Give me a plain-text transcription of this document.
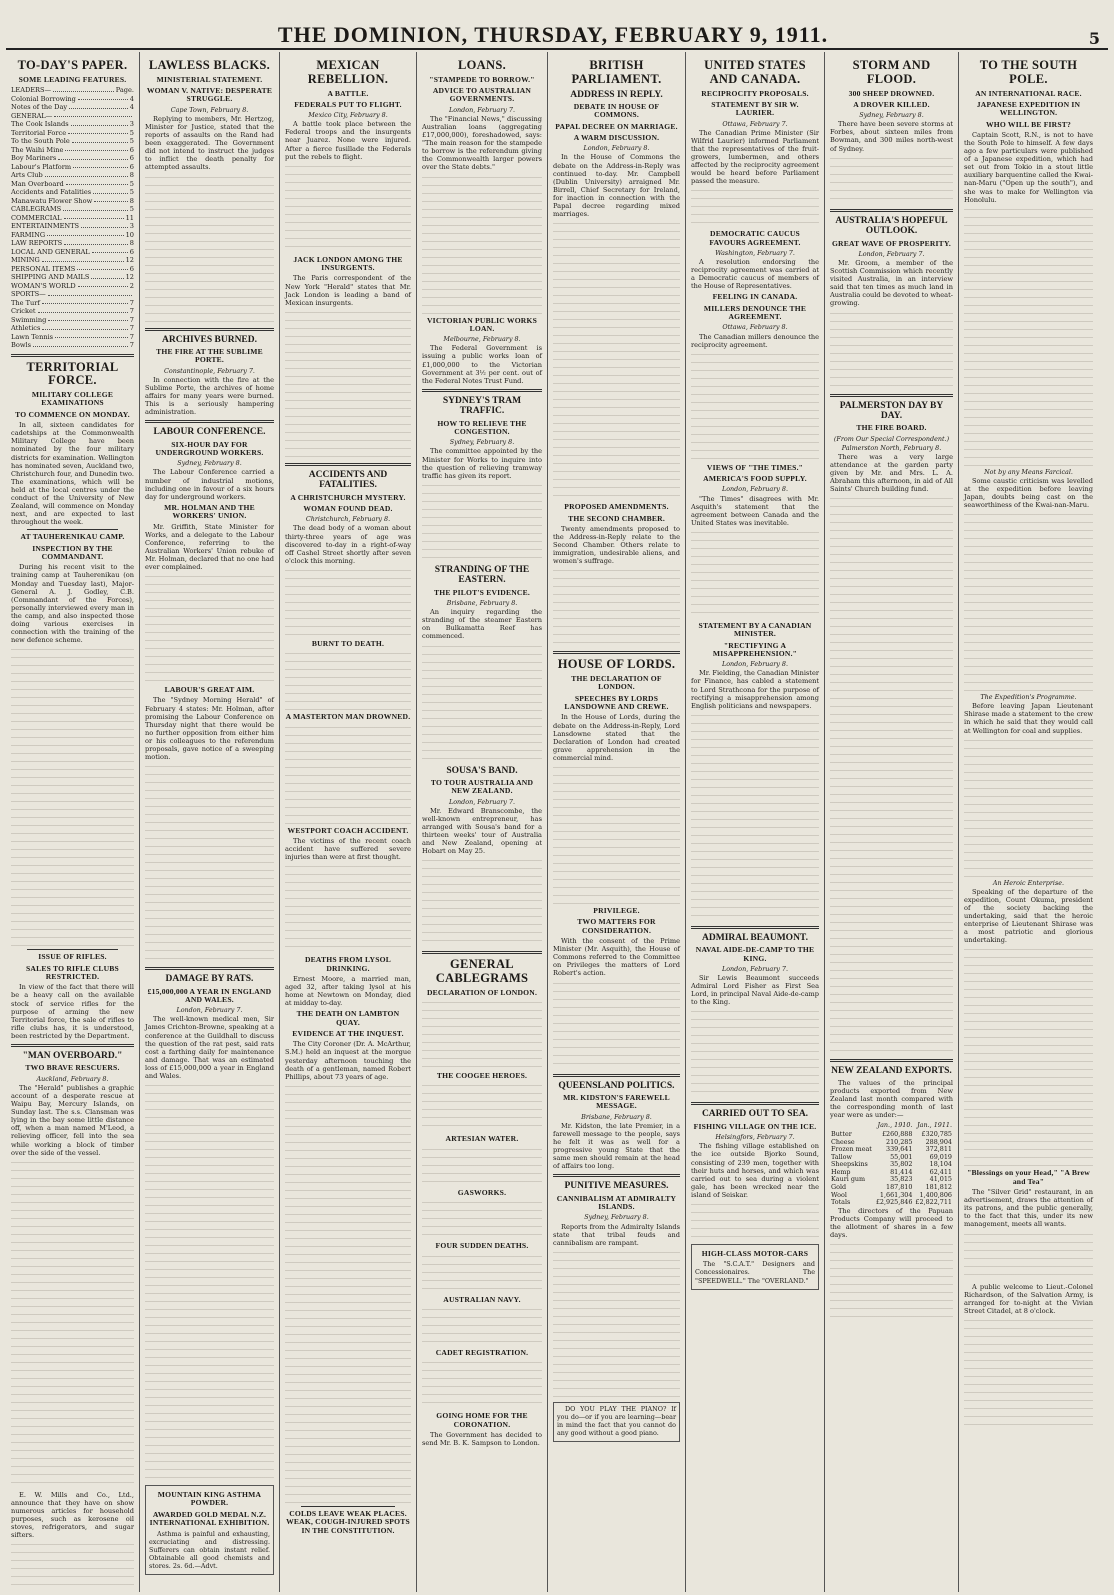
THE DOMINION, THURSDAY, FEBRUARY 9, 1911.	5
TO-DAY'S PAPER.
SOME LEADING FEATURES.
LEADERS—	Page.
Colonial Borrowing	4
Notes of the Day	4
GENERAL—
The Cook Islands	3
Territorial Force	5
To the South Pole	5
The Waihi Mine	6
Boy Mariners	6
Labour's Platform	6
Arts Club	8
Man Overboard	5
Accidents and Fatalities	5
Manawatu Flower Show	8
CABLEGRAMS	5
COMMERCIAL	11
ENTERTAINMENTS	3
FARMING	10
LAW REPORTS	8
LOCAL AND GENERAL	6
MINING	12
PERSONAL ITEMS	6
SHIPPING AND MAILS	12
WOMAN'S WORLD	2
SPORTS—
The Turf	7
Cricket	7
Swimming	7
Athletics	7
Lawn Tennis	7
Bowls	7
TERRITORIAL FORCE.
MILITARY COLLEGE EXAMINATIONS
TO COMMENCE ON MONDAY.

In all, sixteen candidates for cadetships at the Commonwealth Military College have been nominated by the four military districts for examination. Wellington has nominated seven, Auckland two, Christchurch four, and Dunedin two. The examinations, which will be held at the local centres under the conduct of the University of New Zealand, will commence on Monday next, and are expected to last throughout the week.

AT TAUHERENIKAU CAMP.
INSPECTION BY THE COMMANDANT.

During his recent visit to the training camp at Tauherenikau (on Monday and Tuesday last), Major-General A. J. Godley, C.B. (Commandant of the Forces), personally interviewed every man in the camp, and also inspected those doing various exercises in connection with the training of the new defence scheme.

ISSUE OF RIFLES.
SALES TO RIFLE CLUBS RESTRICTED.

In view of the fact that there will be a heavy call on the available stock of service rifles for the purpose of arming the new Territorial force, the sale of rifles to rifle clubs has, it is understood, been restricted by the Department.

"MAN OVERBOARD."
TWO BRAVE RESCUERS.
Auckland, February 8.

The "Herald" publishes a graphic account of a desperate rescue at Waipu Bay, Mercury Islands, on Sunday last. The s.s. Clansman was lying in the bay some little distance off, when a man named M'Leod, a relieving officer, fell into the sea while working a block of timber over the side of the vessel.

E. W. Mills and Co., Ltd., announce that they have on show numerous articles for household purposes, such as kerosene oil stoves, refrigerators, and sugar sifters.

LAWLESS BLACKS.
MINISTERIAL STATEMENT.
WOMAN V. NATIVE: DESPERATE STRUGGLE.
Cape Town, February 8.

Replying to members, Mr. Hertzog, Minister for Justice, stated that the reports of assaults on the Rand had been exaggerated. The Government did not intend to instruct the judges to inflict the death penalty for attempted assaults.

ARCHIVES BURNED.
THE FIRE AT THE SUBLIME PORTE.
Constantinople, February 7.

In connection with the fire at the Sublime Porte, the archives of home affairs for many years were burned. This is a seriously hampering administration.

LABOUR CONFERENCE.
SIX-HOUR DAY FOR UNDERGROUND WORKERS.
Sydney, February 8.

The Labour Conference carried a number of industrial motions, including one in favour of a six hours day for underground workers.

MR. HOLMAN AND THE WORKERS' UNION.

Mr. Griffith, State Minister for Works, and a delegate to the Labour Conference, referring to the Australian Workers' Union rebuke of Mr. Holman, declared that no one had ever complained.

LABOUR'S GREAT AIM.

The "Sydney Morning Herald" of February 4 states: Mr. Holman, after promising the Labour Conference on Thursday night that there would be no further opposition from either him or his colleagues to the referendum proposals, gave notice of a sweeping motion.

DAMAGE BY RATS.
£15,000,000 A YEAR IN ENGLAND AND WALES.
London, February 7.

The well-known medical men, Sir James Crichton-Browne, speaking at a conference at the Guildhall to discuss the question of the rat pest, said rats cost a farthing daily for maintenance and damage. That was an estimated loss of £15,000,000 a year in England and Wales.

MOUNTAIN KING ASTHMA POWDER.
AWARDED GOLD MEDAL N.Z. INTERNATIONAL EXHIBITION.

Asthma is painful and exhausting, excruciating and distressing. Sufferers can obtain instant relief. Obtainable all good chemists and stores. 2s. 6d.—Advt.

MEXICAN REBELLION.
A BATTLE.
FEDERALS PUT TO FLIGHT.
Mexico City, February 8.

A battle took place between the Federal troops and the insurgents near Juarez. None were injured. After a fierce fusillade the Federals put the rebels to flight.

JACK LONDON AMONG THE INSURGENTS.

The Paris correspondent of the New York "Herald" states that Mr. Jack London is leading a band of Mexican insurgents.

ACCIDENTS AND FATALITIES.
A CHRISTCHURCH MYSTERY.
WOMAN FOUND DEAD.
Christchurch, February 8.

The dead body of a woman about thirty-three years of age was discovered to-day in a right-of-way off Cashel Street shortly after seven o'clock this morning.

BURNT TO DEATH.
A MASTERTON MAN DROWNED.
WESTPORT COACH ACCIDENT.

The victims of the recent coach accident have suffered severe injuries than were at first thought.

DEATHS FROM LYSOL DRINKING.

Ernest Moore, a married man, aged 32, after taking lysol at his home at Newtown on Monday, died at midday to-day.

THE DEATH ON LAMBTON QUAY.
EVIDENCE AT THE INQUEST.

The City Coroner (Dr. A. McArthur, S.M.) held an inquest at the morgue yesterday afternoon touching the death of a gentleman, named Robert Phillips, about 73 years of age.

COLDS LEAVE WEAK PLACES. WEAK, COUGH-INJURED SPOTS IN THE CONSTITUTION.
LOANS.
"STAMPEDE TO BORROW."
ADVICE TO AUSTRALIAN GOVERNMENTS.
London, February 7.

The "Financial News," discussing Australian loans (aggregating £17,000,000), foreshadowed, says: "The main reason for the stampede to borrow is the referendum giving the Commonwealth larger powers over the State debts."

VICTORIAN PUBLIC WORKS LOAN.
Melbourne, February 8.

The Federal Government is issuing a public works loan of £1,000,000 to the Victorian Government at 3½ per cent. out of the Federal Notes Trust Fund.

SYDNEY'S TRAM TRAFFIC.
HOW TO RELIEVE THE CONGESTION.
Sydney, February 8.

The committee appointed by the Minister for Works to inquire into the question of relieving tramway traffic has given its report.

STRANDING OF THE EASTERN.
THE PILOT'S EVIDENCE.
Brisbane, February 8.

An inquiry regarding the stranding of the steamer Eastern on Bulkamatta Reef has commenced.

SOUSA'S BAND.
TO TOUR AUSTRALIA AND NEW ZEALAND.
London, February 7.

Mr. Edward Branscombe, the well-known entrepreneur, has arranged with Sousa's band for a thirteen weeks' tour of Australia and New Zealand, opening at Hobart on May 25.

GENERAL CABLEGRAMS
DECLARATION OF LONDON.
THE COOGEE HEROES.
ARTESIAN WATER.
GASWORKS.
FOUR SUDDEN DEATHS.
AUSTRALIAN NAVY.
CADET REGISTRATION.
GOING HOME FOR THE CORONATION.

The Government has decided to send Mr. B. K. Sampson to London.

BRITISH PARLIAMENT.
ADDRESS IN REPLY.
DEBATE IN HOUSE OF COMMONS.
PAPAL DECREE ON MARRIAGE.
A WARM DISCUSSION.
London, February 8.

In the House of Commons the debate on the Address-in-Reply was continued to-day. Mr. Campbell (Dublin University) arraigned Mr. Birrell, Chief Secretary for Ireland, for inaction in connection with the Papal decree regarding mixed marriages.

PROPOSED AMENDMENTS.
THE SECOND CHAMBER.

Twenty amendments proposed to the Address-in-Reply relate to the Second Chamber. Others relate to immigration, undesirable aliens, and women's suffrage.

HOUSE OF LORDS.
THE DECLARATION OF LONDON.
SPEECHES BY LORDS LANSDOWNE AND CREWE.

In the House of Lords, during the debate on the Address-in-Reply, Lord Lansdowne stated that the Declaration of London had created grave apprehension in the commercial mind.

PRIVILEGE.
TWO MATTERS FOR CONSIDERATION.

With the consent of the Prime Minister (Mr. Asquith), the House of Commons referred to the Committee on Privileges the matters of Lord Robert's action.

QUEENSLAND POLITICS.
MR. KIDSTON'S FAREWELL MESSAGE.
Brisbane, February 8.

Mr. Kidston, the late Premier, in a farewell message to the people, says he felt it was as well for a progressive young State that the same men should remain at the head of affairs too long.

PUNITIVE MEASURES.
CANNIBALISM AT ADMIRALTY ISLANDS.
Sydney, February 8.

Reports from the Admiralty Islands state that tribal feuds and cannibalism are rampant.

DO YOU PLAY THE PIANO? If you do—or if you are learning—bear in mind the fact that you cannot do any good without a good piano.

UNITED STATES AND CANADA.
RECIPROCITY PROPOSALS.
STATEMENT BY SIR W. LAURIER.
Ottawa, February 7.

The Canadian Prime Minister (Sir Wilfrid Laurier) informed Parliament that the representatives of the fruit-growers, lumbermen, and others affected by the reciprocity agreement would be heard before Parliament passed the measure.

DEMOCRATIC CAUCUS FAVOURS AGREEMENT.
Washington, February 7.

A resolution endorsing the reciprocity agreement was carried at a Democratic caucus of members of the House of Representatives.

FEELING IN CANADA.
MILLERS DENOUNCE THE AGREEMENT.
Ottawa, February 8.

The Canadian millers denounce the reciprocity agreement.

VIEWS OF "THE TIMES."
AMERICA'S FOOD SUPPLY.
London, February 8.

"The Times" disagrees with Mr. Asquith's statement that the agreement between Canada and the United States was inevitable.

STATEMENT BY A CANADIAN MINISTER.
"RECTIFYING A MISAPPREHENSION."
London, February 8.

Mr. Fielding, the Canadian Minister for Finance, has cabled a statement to Lord Strathcona for the purpose of rectifying a misapprehension among English politicians and newspapers.

ADMIRAL BEAUMONT.
NAVAL AIDE-DE-CAMP TO THE KING.
London, February 7.

Sir Lewis Beaumont succeeds Admiral Lord Fisher as First Sea Lord, in principal Naval Aide-de-camp to the King.

CARRIED OUT TO SEA.
FISHING VILLAGE ON THE ICE.
Helsingfors, February 7.

The fishing village established on the ice outside Bjorko Sound, consisting of 239 men, together with their huts and horses, and which was carried out to sea during a violent gale, has been wrecked near the island of Seiskar.

HIGH-CLASS MOTOR-CARS

The "S.C.A.T." Designers and Concessionaires. The "SPEEDWELL." The "OVERLAND."

STORM AND FLOOD.
300 SHEEP DROWNED.
A DROVER KILLED.
Sydney, February 8.

There have been severe storms at Forbes, about sixteen miles from Bowman, and 300 miles north-west of Sydney.

AUSTRALIA'S HOPEFUL OUTLOOK.
GREAT WAVE OF PROSPERITY.
London, February 7.

Mr. Groom, a member of the Scottish Commission which recently visited Australia, in an interview said that ten times as much land in Australia could be devoted to wheat-growing.

PALMERSTON DAY BY DAY.
THE FIRE BOARD.
(From Our Special Correspondent.)
Palmerston North, February 8.

There was a very large attendance at the garden party given by Mr. and Mrs. L. A. Abraham this afternoon, in aid of All Saints' Church building fund.

NEW ZEALAND EXPORTS.

The values of the principal products exported from New Zealand last month compared with the corresponding month of last year were as under:—

	Jan., 1910.	Jan., 1911.
Butter	£260,888	£320,785
Cheese	210,285	288,904
Frozen meat	339,641	372,811
Tallow	55,001	69,019
Sheepskins	35,802	18,104
Hemp	81,414	62,411
Kauri gum	35,823	41,015
Gold	187,810	181,812
Wool	1,661,304	1,400,806
Totals	£2,925,846	£2,822,711

The directors of the Papuan Products Company will proceed to the allotment of shares in a few days.

TO THE SOUTH POLE.
AN INTERNATIONAL RACE.
JAPANESE EXPEDITION IN WELLINGTON.
WHO WILL BE FIRST?

Captain Scott, R.N., is not to have the South Pole to himself. A few days ago a few particulars were published of a Japanese expedition, which had set out from Tokio in a stout little auxiliary barquentine called the Kwai-nan-Maru ("Open up the south"), and she was to make for Wellington via Honolulu.

Not by any Means Farcical.

Some caustic criticism was levelled at the expedition before leaving Japan, doubts being cast on the seaworthiness of the Kwai-nan-Maru.

The Expedition's Programme.

Before leaving Japan Lieutenant Shirase made a statement to the crew in which he said that they would call at Wellington for coal and supplies.

An Heroic Enterprise.

Speaking of the departure of the expedition, Count Okuma, president of the society backing the undertaking, said that the heroic enterprise of Lieutenant Shirase was a most patriotic and glorious undertaking.

"Blessings on your Head," "A Brew and Tea"

The "Silver Grid" restaurant, in an advertisement, draws the attention of its patrons, and the public generally, to the fact that this, under its new management, meets all wants.

A public welcome to Lieut.-Colonel Richardson, of the Salvation Army, is arranged for to-night at the Vivian Street Citadel, at 8 o'clock.
